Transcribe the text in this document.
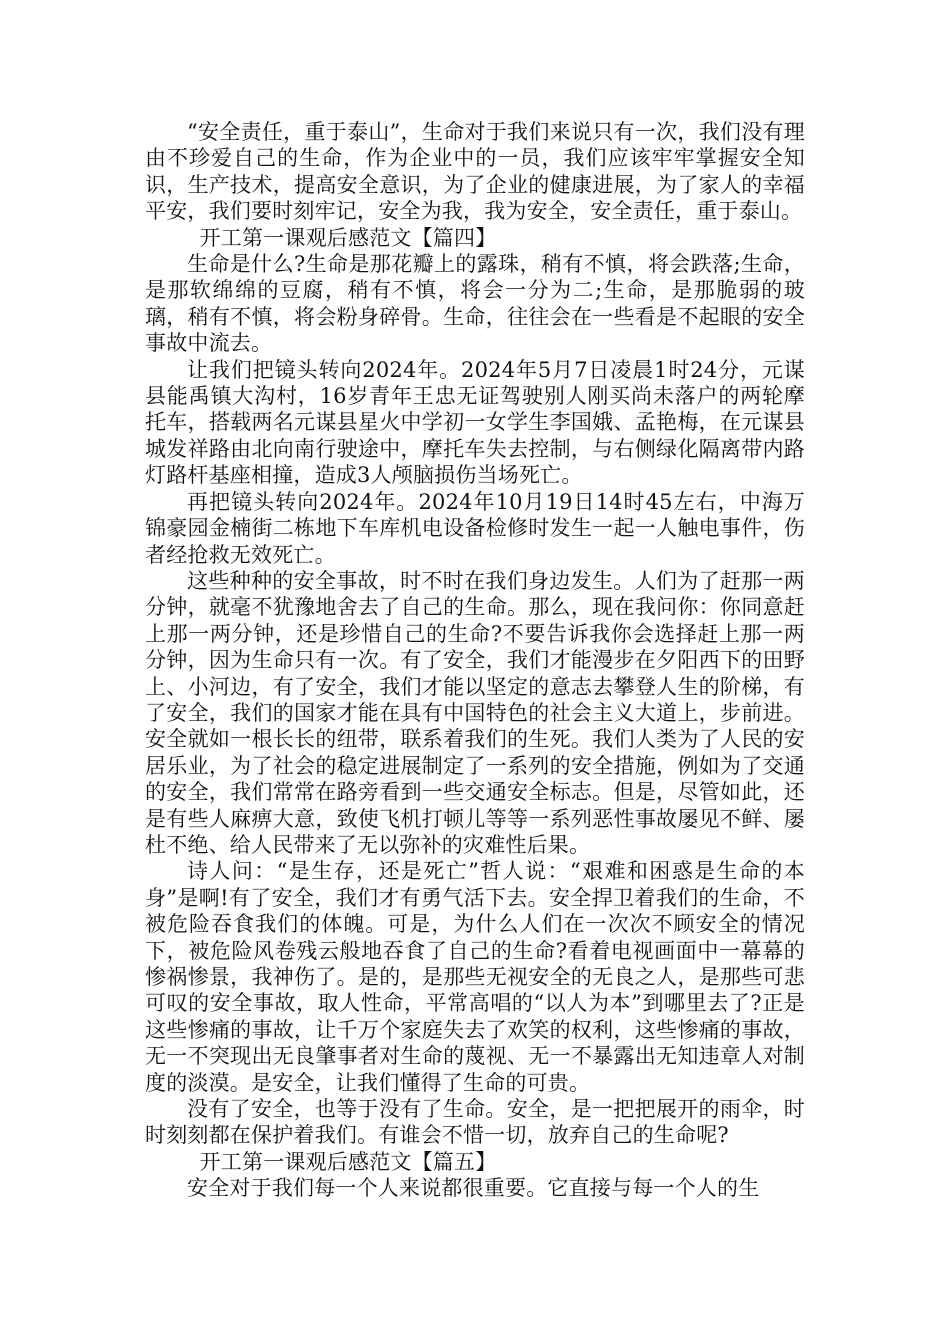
“安全责任，重于泰山”，生命对于我们来说只有一次，我们没有理由不珍爱自己的生命，作为企业中的一员，我们应该牢牢掌握安全知识，生产技术，提高安全意识，为了企业的健康进展，为了家人的幸福平安，我们要时刻牢记，安全为我，我为安全，安全责任，重于泰山。

开工第一课观后感范文【篇四】

生命是什么?生命是那花瓣上的露珠，稍有不慎，将会跌落;生命，是那软绵绵的豆腐，稍有不慎，将会一分为二;生命，是那脆弱的玻璃，稍有不慎，将会粉身碎骨。生命，往往会在一些看是不起眼的安全事故中流去。

让我们把镜头转向2024年。2024年5月7日凌晨1时24分，元谋县能禹镇大沟村，16岁青年王忠无证驾驶别人刚买尚未落户的两轮摩托车，搭载两名元谋县星火中学初一女学生李国娥、孟艳梅，在元谋县城发祥路由北向南行驶途中，摩托车失去控制，与右侧绿化隔离带内路灯路杆基座相撞，造成3人颅脑损伤当场死亡。

再把镜头转向2024年。2024年10月19日14时45左右，中海万锦豪园金楠街二栋地下车库机电设备检修时发生一起一人触电事件，伤者经抢救无效死亡。

这些种种的安全事故，时不时在我们身边发生。人们为了赶那一两分钟，就毫不犹豫地舍去了自己的生命。那么，现在我问你：你同意赶上那一两分钟，还是珍惜自己的生命?不要告诉我你会选择赶上那一两分钟，因为生命只有一次。有了安全，我们才能漫步在夕阳西下的田野上、小河边，有了安全，我们才能以坚定的意志去攀登人生的阶梯，有了安全，我们的国家才能在具有中国特色的社会主义大道上，步前进。安全就如一根长长的纽带，联系着我们的生死。我们人类为了人民的安居乐业，为了社会的稳定进展制定了一系列的安全措施，例如为了交通的安全，我们常常在路旁看到一些交通安全标志。但是，尽管如此，还是有些人麻痹大意，致使飞机打顿儿等等一系列恶性事故屡见不鲜、屡杜不绝、给人民带来了无以弥补的灾难性后果。

诗人问：“是生存，还是死亡”哲人说：“艰难和困惑是生命的本身”是啊!有了安全，我们才有勇气活下去。安全捍卫着我们的生命，不被危险吞食我们的体魄。可是，为什么人们在一次次不顾安全的情况下，被危险风卷残云般地吞食了自己的生命?看着电视画面中一幕幕的惨祸惨景，我神伤了。是的，是那些无视安全的无良之人，是那些可悲可叹的安全事故，取人性命，平常高唱的“以人为本”到哪里去了?正是这些惨痛的事故，让千万个家庭失去了欢笑的权利，这些惨痛的事故，无一不突现出无良肇事者对生命的蔑视、无一不暴露出无知违章人对制度的淡漠。是安全，让我们懂得了生命的可贵。

没有了安全，也等于没有了生命。安全，是一把把展开的雨伞，时时刻刻都在保护着我们。有谁会不惜一切，放弃自己的生命呢?

开工第一课观后感范文【篇五】

安全对于我们每一个人来说都很重要。它直接与每一个人的生
